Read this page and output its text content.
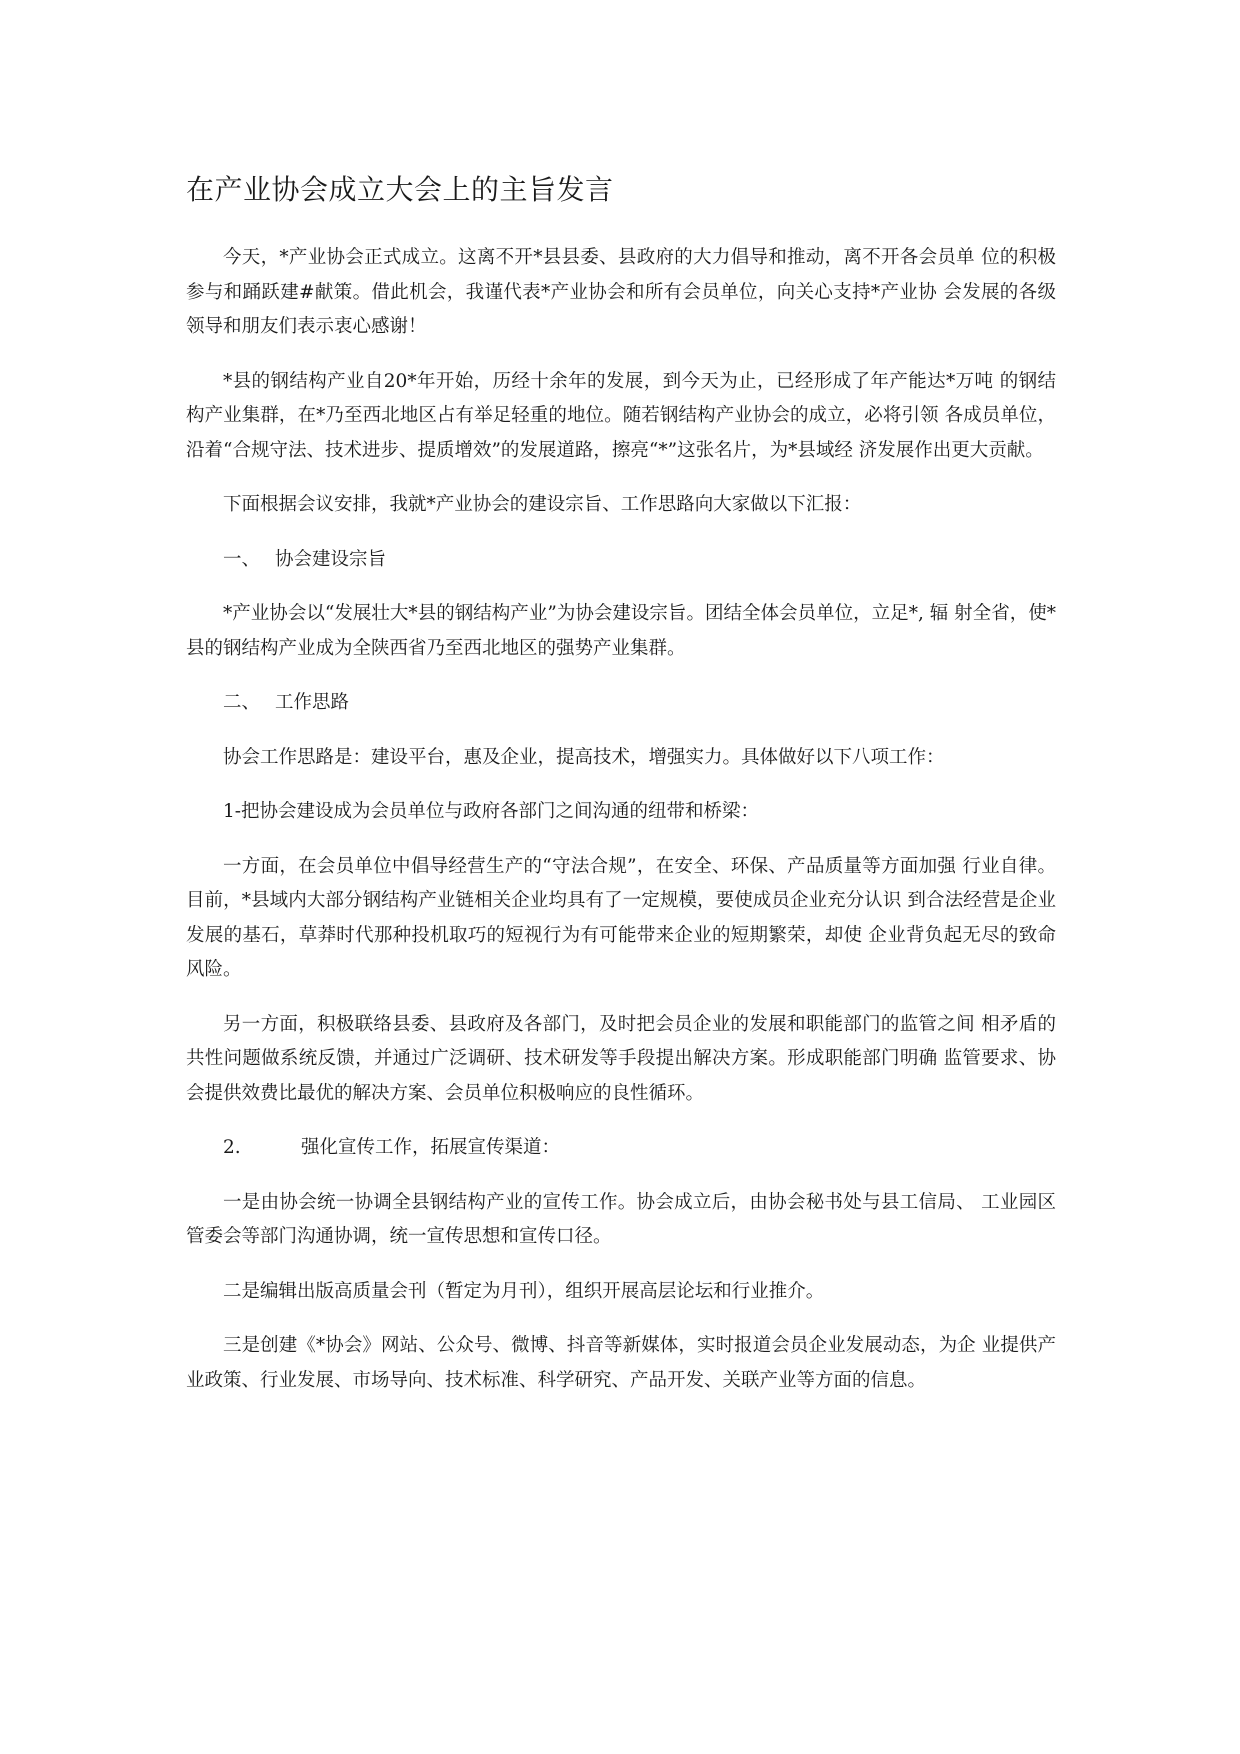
在产业协会成立大会上的主旨发言

今天，*产业协会正式成立。这离不开*县县委、县政府的大力倡导和推动，离不开各会员单 位的积极参与和踊跃建#献策。借此机会，我谨代表*产业协会和所有会员单位，向关心支持*产业协 会发展的各级领导和朋友们表示衷心感谢！

*县的钢结构产业自20*年开始，历经十余年的发展，到今天为止，已经形成了年产能达*万吨 的钢结构产业集群，在*乃至西北地区占有举足轻重的地位。随若钢结构产业协会的成立，必将引领 各成员单位，沿着“合规守法、技术进步、提质增效”的发展道路，擦亮“*”这张名片，为*县域经 济发展作出更大贡献。

下面根据会议安排，我就*产业协会的建设宗旨、工作思路向大家做以下汇报：

一、 协会建设宗旨

*产业协会以“发展壮大*县的钢结构产业”为协会建设宗旨。团结全体会员单位，立足*, 辐 射全省，使*县的钢结构产业成为全陕西省乃至西北地区的强势产业集群。

二、 工作思路

协会工作思路是：建设平台，惠及企业，提高技术，增强实力。具体做好以下八项工作：

1-把协会建设成为会员单位与政府各部门之间沟通的纽带和桥梁：

一方面，在会员单位中倡导经营生产的“守法合规”，在安全、环保、产品质量等方面加强 行业自律。目前，*县域内大部分钢结构产业链相关企业均具有了一定规模，要使成员企业充分认识 到合法经营是企业发展的基石，草莽时代那种投机取巧的短视行为有可能带来企业的短期繁荣，却使 企业背负起无尽的致命风险。

另一方面，积极联络县委、县政府及各部门，及时把会员企业的发展和职能部门的监管之间 相矛盾的共性问题做系统反馈，并通过广泛调研、技术研发等手段提出解决方案。形成职能部门明确 监管要求、协会提供效费比最优的解决方案、会员单位积极响应的良性循环。

2.	强化宣传工作，拓展宣传渠道：

一是由协会统一协调全县钢结构产业的宣传工作。协会成立后，由协会秘书处与县工信局、 工业园区管委会等部门沟通协调，统一宣传思想和宣传口径。

二是编辑出版高质量会刊（暂定为月刊），组织开展高层论坛和行业推介。

三是创建《*协会》网站、公众号、微博、抖音等新媒体，实时报道会员企业发展动态，为企 业提供产业政策、行业发展、市场导向、技术标准、科学研究、产品开发、关联产业等方面的信息。
